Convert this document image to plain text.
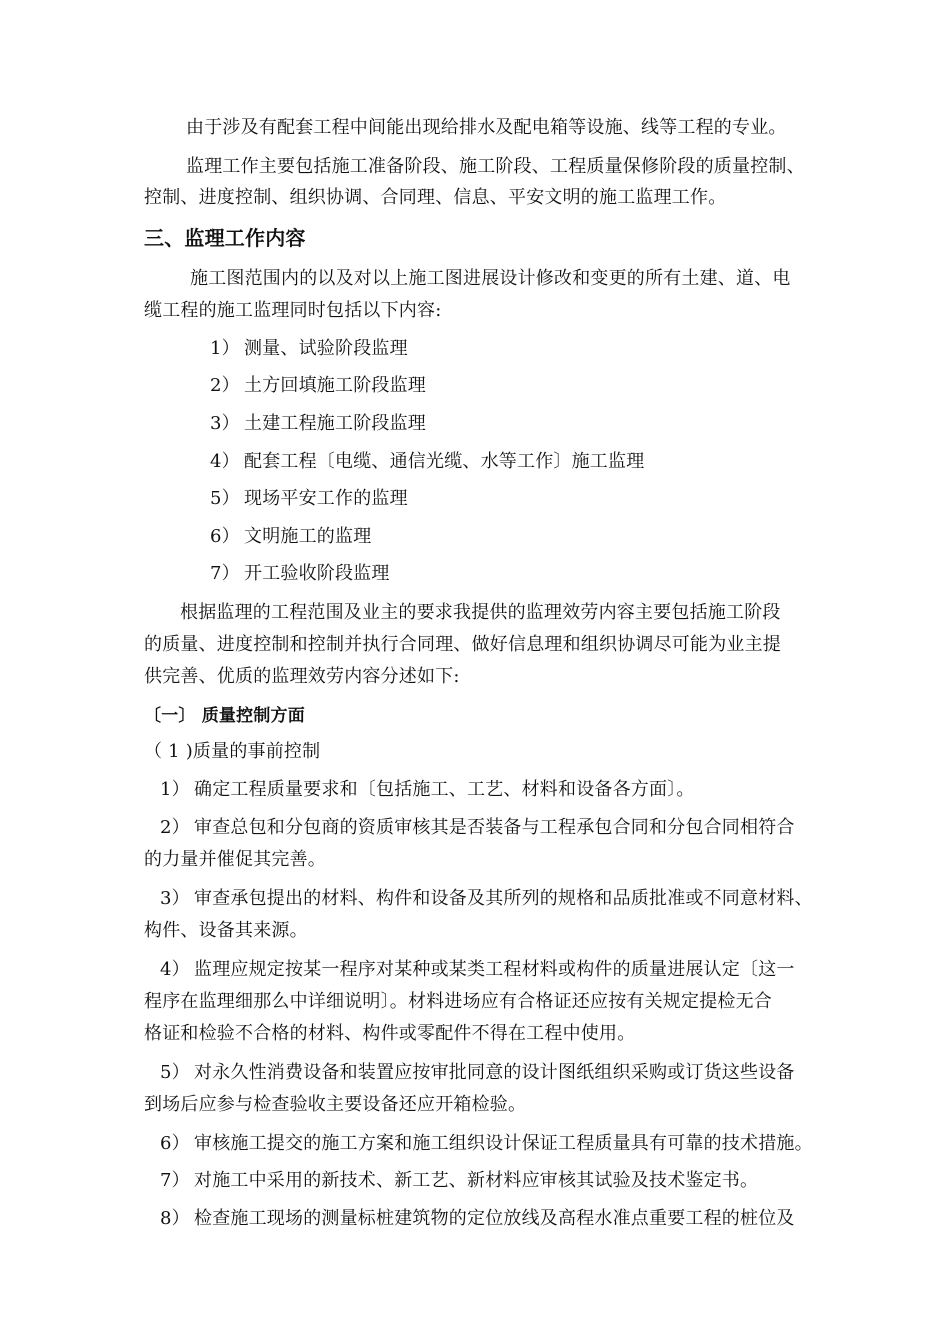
由于涉及有配套工程中间能出现给排水及配电箱等设施、线等工程的专业。
监理工作主要包括施工准备阶段、施工阶段、工程质量保修阶段的质量控制、
控制、进度控制、组织协调、合同理、信息、平安文明的施工监理工作。
三、监理工作内容
施工图范围内的以及对以上施工图进展设计修改和变更的所有土建、道、电
缆工程的施工监理同时包括以下内容:
1） 测量、试验阶段监理
2） 土方回填施工阶段监理
3） 土建工程施工阶段监理
4） 配套工程〔电缆、通信光缆、水等工作〕施工监理
5） 现场平安工作的监理
6） 文明施工的监理
7） 开工验收阶段监理
根据监理的工程范围及业主的要求我提供的监理效劳内容主要包括施工阶段
的质量、进度控制和控制并执行合同理、做好信息理和组织协调尽可能为业主提
供完善、优质的监理效劳内容分述如下:
〔一〕 质量控制方面
（ 1 )质量的事前控制
1） 确定工程质量要求和〔包括施工、工艺、材料和设备各方面〕。
2） 审查总包和分包商的资质审核其是否装备与工程承包合同和分包合同相符合
的力量并催促其完善。
3） 审查承包提出的材料、构件和设备及其所列的规格和品质批准或不同意材料、
构件、设备其来源。
4） 监理应规定按某一程序对某种或某类工程材料或构件的质量进展认定〔这一
程序在监理细那么中详细说明〕。材料进场应有合格证还应按有关规定提检无合
格证和检验不合格的材料、构件或零配件不得在工程中使用。
5） 对永久性消费设备和装置应按审批同意的设计图纸组织采购或订货这些设备
到场后应参与检查验收主要设备还应开箱检验。
6） 审核施工提交的施工方案和施工组织设计保证工程质量具有可靠的技术措施。
7） 对施工中采用的新技术、新工艺、新材料应审核其试验及技术鉴定书。
8） 检查施工现场的测量标桩建筑物的定位放线及高程水准点重要工程的桩位及
